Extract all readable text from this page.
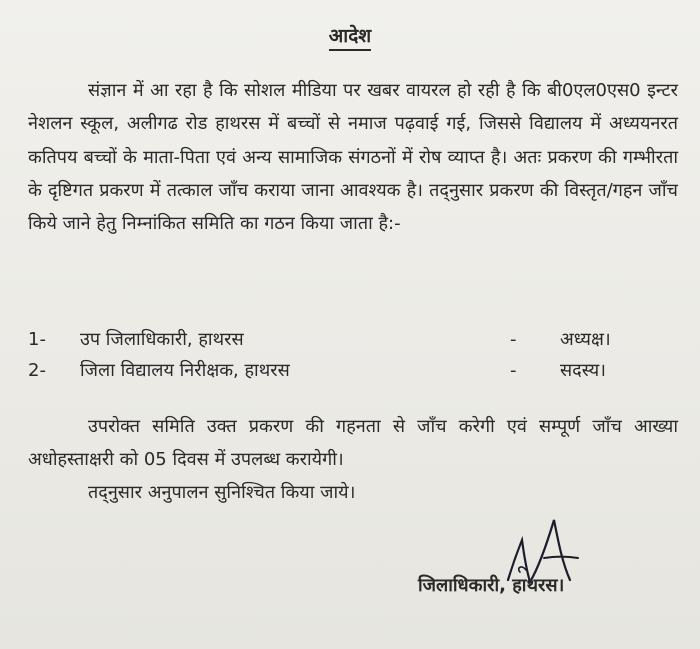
आदेश
संज्ञान में आ रहा है कि सोशल मीडिया पर खबर वायरल हो रही है कि बी0एल0एस0 इन्टर नेशलन स्कूल, अलीगढ रोड हाथरस में बच्चों से नमाज पढ़वाई गई, जिससे विद्यालय में अध्ययनरत कतिपय बच्चों के माता-पिता एवं अन्य सामाजिक संगठनों में रोष व्याप्त है। अतः प्रकरण की गम्भीरता के दृष्टिगत प्रकरण में तत्काल जाँच कराया जाना आवश्यक है। तद्नुसार प्रकरण की विस्तृत/गहन जाँच किये जाने हेतु निम्नांकित समिति का गठन किया जाता है:-
1- उप जिलाधिकारी, हाथरस	- अध्यक्ष।
2- जिला विद्यालय निरीक्षक, हाथरस	- सदस्य।
उपरोक्त समिति उक्त प्रकरण की गहनता से जाँच करेगी एवं सम्पूर्ण जाँच आख्या अधोहस्ताक्षरी को 05 दिवस में उपलब्ध करायेगी।
तद्नुसार अनुपालन सुनिश्चित किया जाये।
जिलाधिकारी, हाथरस।
